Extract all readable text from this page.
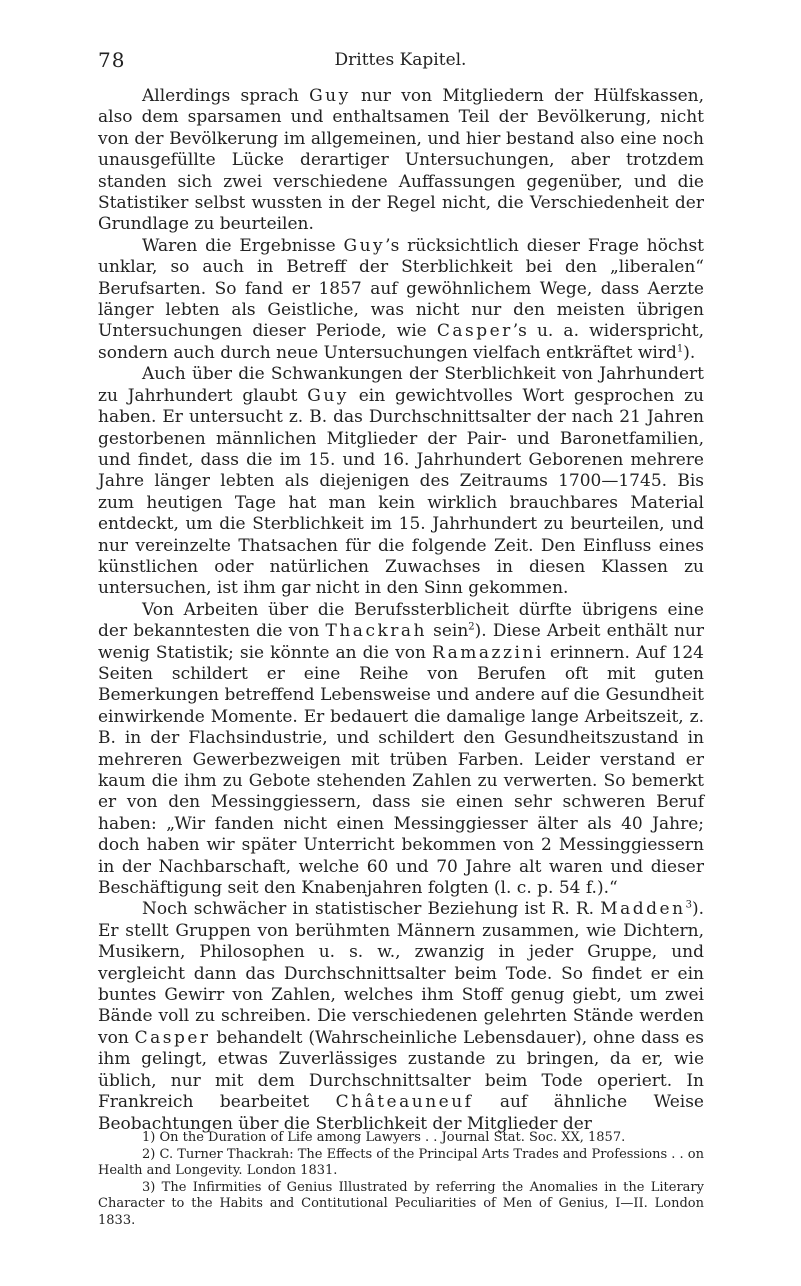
78	Drittes Kapitel.

Allerdings sprach Guy nur von Mitgliedern der Hülfskassen, also dem sparsamen und enthaltsamen Teil der Bevölkerung, nicht von der Bevölkerung im allgemeinen, und hier bestand also eine noch unausgefüllte Lücke derartiger Untersuchungen, aber trotzdem standen sich zwei verschiedene Auffassungen gegenüber, und die Statistiker selbst wussten in der Regel nicht, die Verschiedenheit der Grundlage zu beurteilen.

Waren die Ergebnisse Guy’s rücksichtlich dieser Frage höchst unklar, so auch in Betreff der Sterblichkeit bei den „liberalen“ Berufsarten. So fand er 1857 auf gewöhnlichem Wege, dass Aerzte länger lebten als Geistliche, was nicht nur den meisten übrigen Untersuchungen dieser Periode, wie Casper’s u. a. widerspricht, sondern auch durch neue Untersuchungen vielfach entkräftet wird$^1$).

Auch über die Schwankungen der Sterblichkeit von Jahrhundert zu Jahrhundert glaubt Guy ein gewichtvolles Wort gesprochen zu haben. Er untersucht z. B. das Durchschnittsalter der nach 21 Jahren gestorbenen männlichen Mitglieder der Pair- und Baronetfamilien, und findet, dass die im 15. und 16. Jahrhundert Geborenen mehrere Jahre länger lebten als diejenigen des Zeitraums 1700—1745. Bis zum heutigen Tage hat man kein wirklich brauchbares Material entdeckt, um die Sterblichkeit im 15. Jahrhundert zu beurteilen, und nur vereinzelte Thatsachen für die folgende Zeit. Den Einfluss eines künstlichen oder natürlichen Zuwachses in diesen Klassen zu untersuchen, ist ihm gar nicht in den Sinn gekommen.

Von Arbeiten über die Berufssterblicheit dürfte übrigens eine der bekanntesten die von Thackrah sein$^2$). Diese Arbeit enthält nur wenig Statistik; sie könnte an die von Ramazzini erinnern. Auf 124 Seiten schildert er eine Reihe von Berufen oft mit guten Bemerkungen betreffend Lebensweise und andere auf die Gesundheit einwirkende Momente. Er bedauert die damalige lange Arbeitszeit, z. B. in der Flachsindustrie, und schildert den Gesundheitszustand in mehreren Gewerbezweigen mit trüben Farben. Leider verstand er kaum die ihm zu Gebote stehenden Zahlen zu verwerten. So bemerkt er von den Messinggiessern, dass sie einen sehr schweren Beruf haben: „Wir fanden nicht einen Messinggiesser älter als 40 Jahre; doch haben wir später Unterricht bekommen von 2 Messinggiessern in der Nachbarschaft, welche 60 und 70 Jahre alt waren und dieser Beschäftigung seit den Knabenjahren folgten (l. c. p. 54 f.).“

Noch schwächer in statistischer Beziehung ist R. R. Madden$^3$). Er stellt Gruppen von berühmten Männern zusammen, wie Dichtern, Musikern, Philosophen u. s. w., zwanzig in jeder Gruppe, und vergleicht dann das Durchschnittsalter beim Tode. So findet er ein buntes Gewirr von Zahlen, welches ihm Stoff genug giebt, um zwei Bände voll zu schreiben. Die verschiedenen gelehrten Stände werden von Casper behandelt (Wahrscheinliche Lebensdauer), ohne dass es ihm gelingt, etwas Zuverlässiges zustande zu bringen, da er, wie üblich, nur mit dem Durchschnittsalter beim Tode operiert. In Frankreich bearbeitet Châteauneuf auf ähnliche Weise Beobachtungen über die Sterblichkeit der Mitglieder der

1) On the Duration of Life among Lawyers . . Journal Stat. Soc. XX, 1857.

2) C. Turner Thackrah: The Effects of the Principal Arts Trades and Professions . . on Health and Longevity. London 1831.

3) The Infirmities of Genius Illustrated by referring the Anomalies in the Literary Character to the Habits and Contitutional Peculiarities of Men of Genius, I—II. London 1833.
